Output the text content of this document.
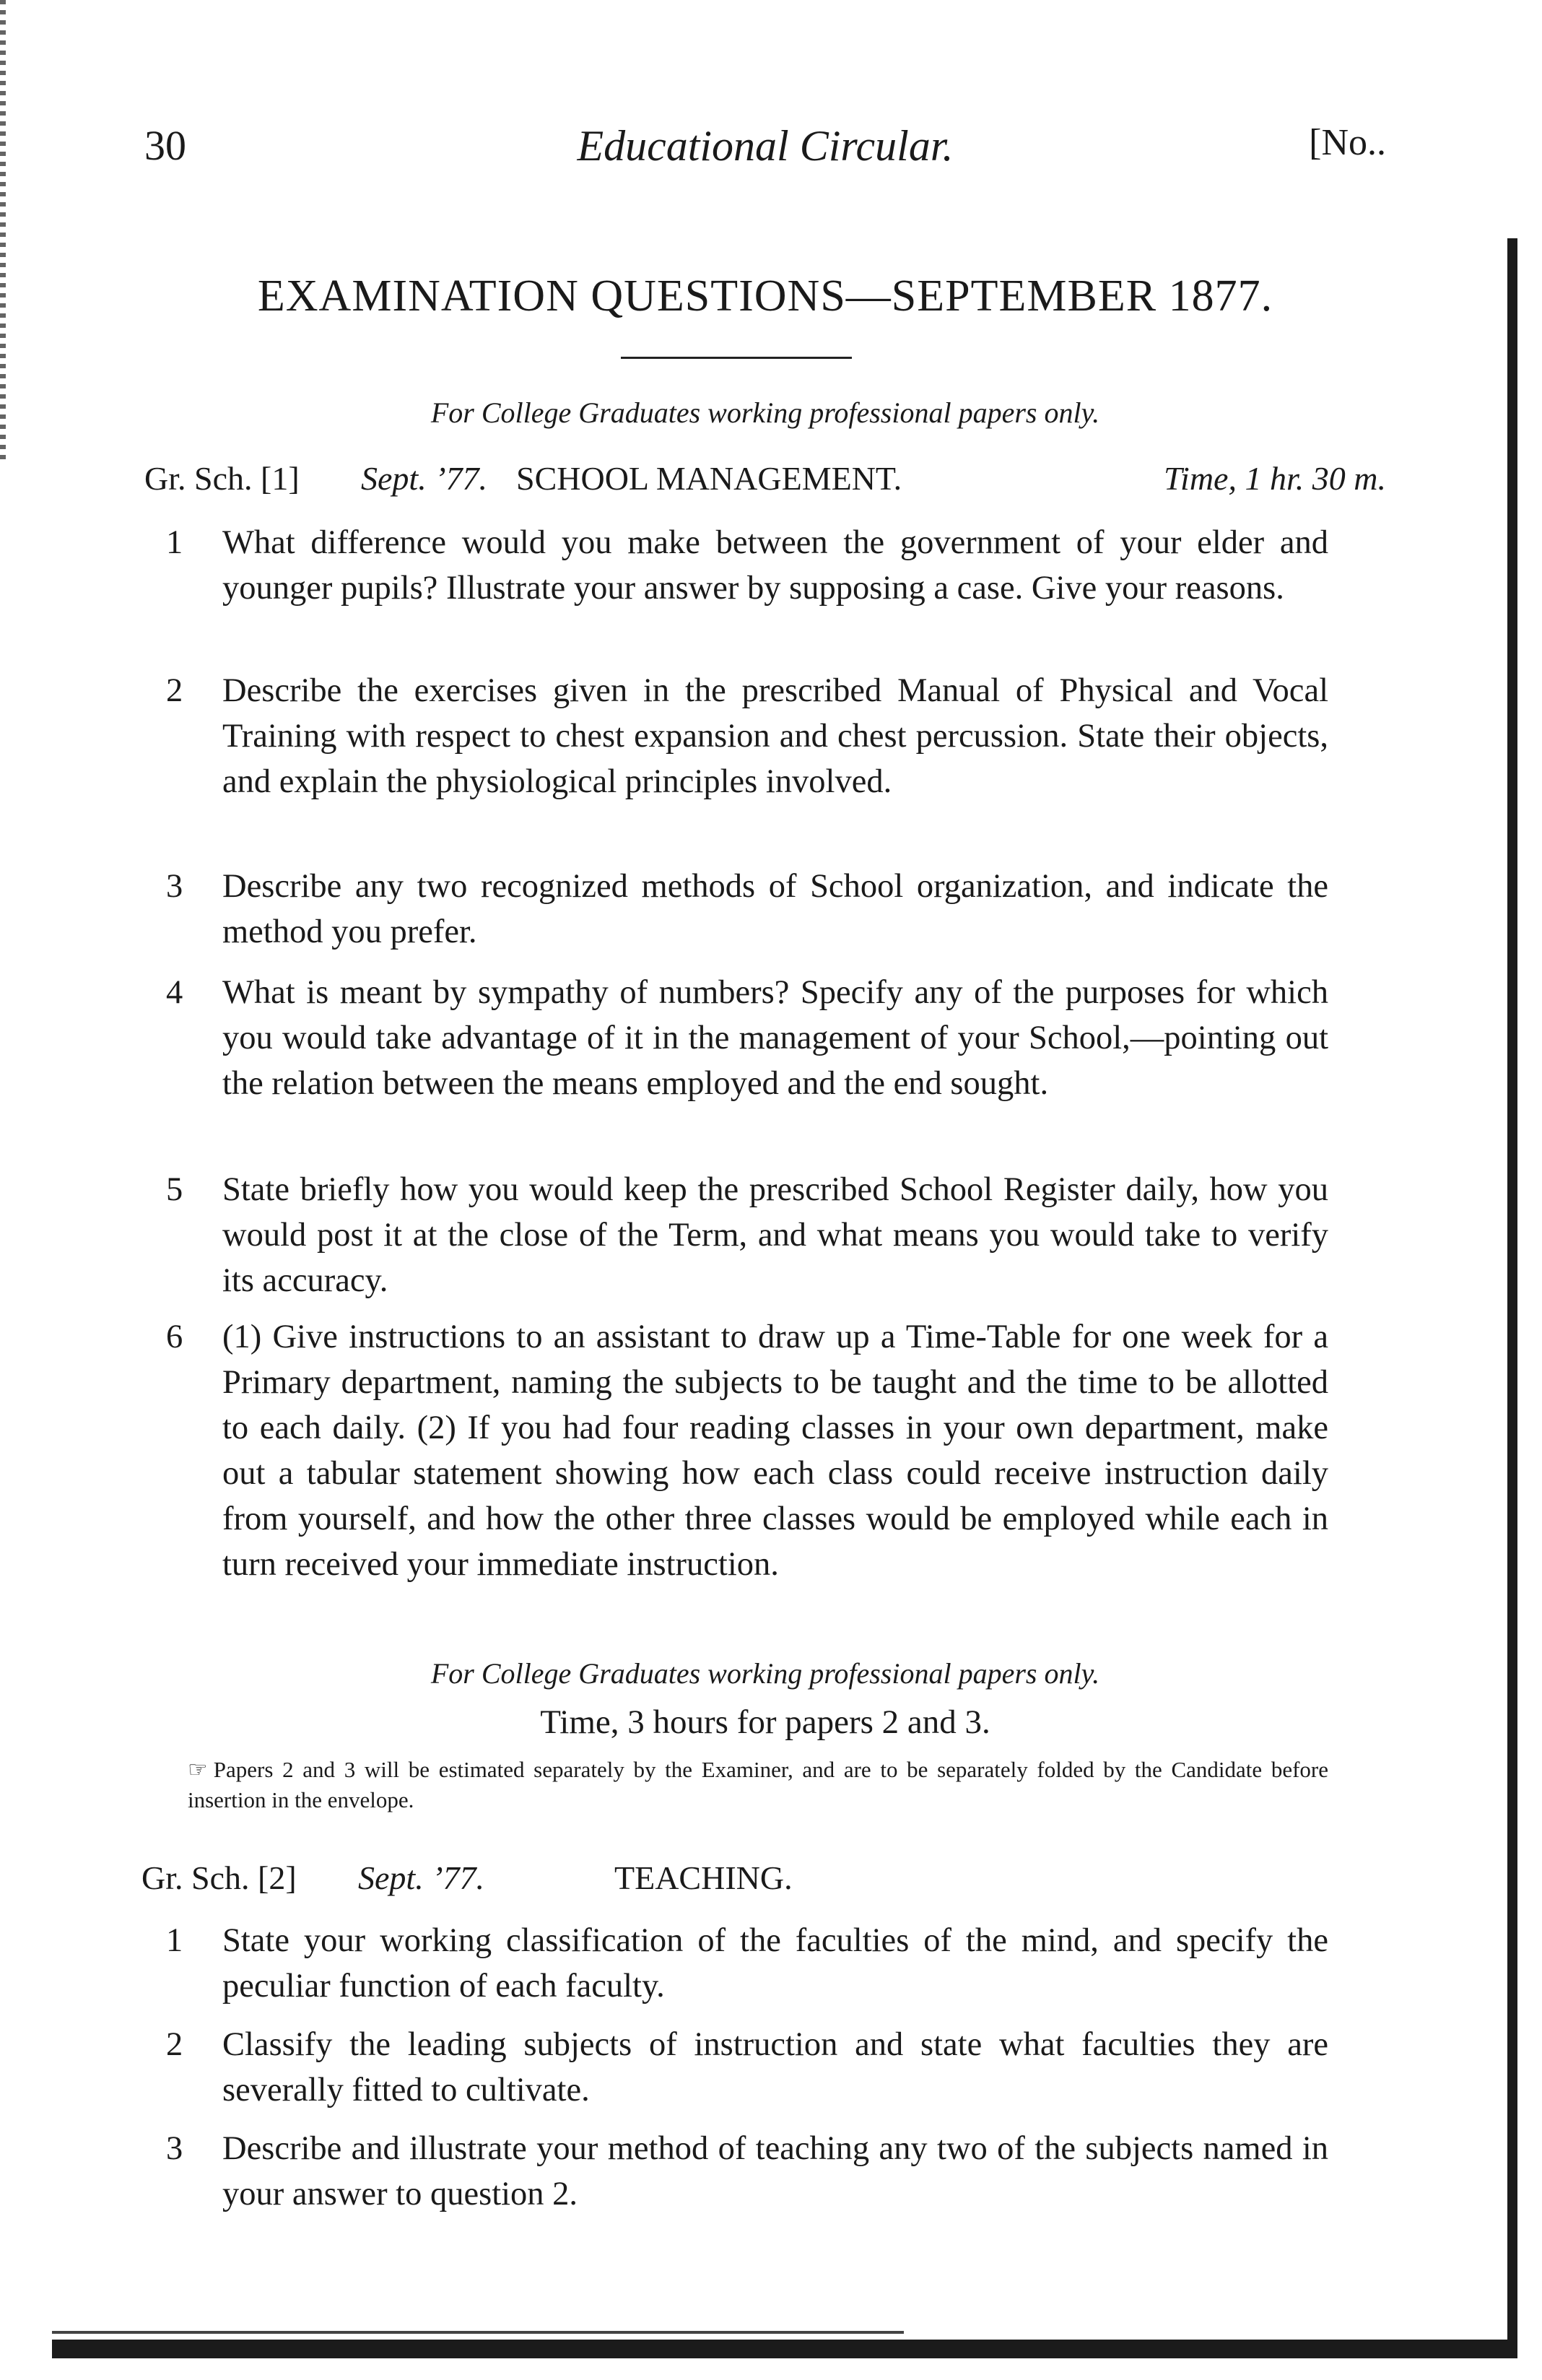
30	Educational Circular.	[No..
EXAMINATION QUESTIONS—SEPTEMBER 1877.
For College Graduates working professional papers only.
Gr. Sch. [1] Sept. ’77. SCHOOL MANAGEMENT.	Time, 1 hr. 30 m.
1 What difference would you make between the government of your elder and younger pupils? Illustrate your answer by supposing a case. Give your reasons.
2 Describe the exercises given in the prescribed Manual of Physical and Vocal Training with respect to chest expansion and chest percussion. State their objects, and explain the physiological principles involved.
3 Describe any two recognized methods of School organization, and indicate the method you prefer.
4 What is meant by sympathy of numbers? Specify any of the purposes for which you would take advantage of it in the management of your School,—pointing out the relation between the means employed and the end sought.
5 State briefly how you would keep the prescribed School Register daily, how you would post it at the close of the Term, and what means you would take to verify its accuracy.
6 (1) Give instructions to an assistant to draw up a Time-Table for one week for a Primary department, naming the subjects to be taught and the time to be allotted to each daily. (2) If you had four reading classes in your own department, make out a tabular statement showing how each class could receive instruction daily from yourself, and how the other three classes would be employed while each in turn received your immediate instruction.
For College Graduates working professional papers only.
Time, 3 hours for papers 2 and 3.
☞ Papers 2 and 3 will be estimated separately by the Examiner, and are to be separately folded by the Candidate before insertion in the envelope.
Gr. Sch. [2] Sept. ’77.	TEACHING.
1 State your working classification of the faculties of the mind, and specify the peculiar function of each faculty.
2 Classify the leading subjects of instruction and state what faculties they are severally fitted to cultivate.
3 Describe and illustrate your method of teaching any two of the subjects named in your answer to question 2.
